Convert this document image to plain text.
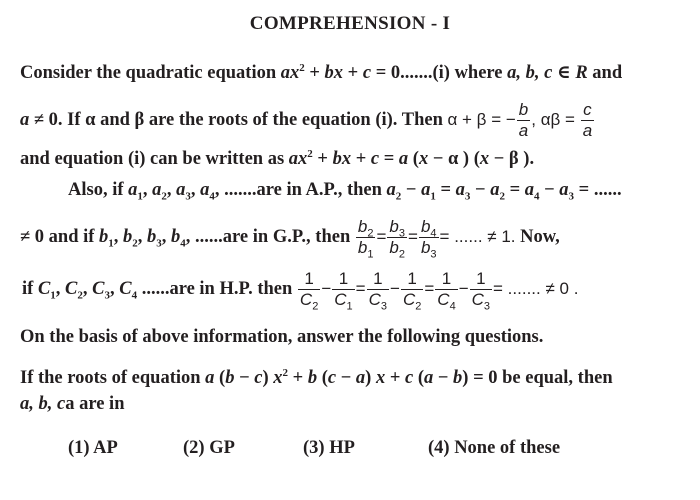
COMPREHENSION - I
Consider the quadratic equation $ax^2$ + bx + c = 0.......(i) where a, b, c ∈ R and
a ≠ 0. If α and β are the roots of the equation (i). Then α + β = − $\frac{b}{a}$ , $\alpha\beta = \frac{c}{a}$
and equation (i) can be written as $ax^2$ + bx + c = a (x − α ) (x − β ).
Also, if $a_1$, $a_2$, $a_3$, $a_4$, .......are in A.P., then $a_2 - a_1 = a_3 - a_2 = a_4 - a_3$ = ......
≠ 0 and if $b_1$, $b_2$, $b_3$, $b_4$, ......are in G.P., then $\frac{b_2}{b_1} = \frac{b_3}{b_2} = \frac{b_4}{b_3}$ = ...... ≠ 1. Now,
if $C_1$, $C_2$, $C_3$, $C_4$ ......are in H.P. then $\frac{1}{C_2} - \frac{1}{C_1} = \frac{1}{C_3} - \frac{1}{C_2} = \frac{1}{C_4} - \frac{1}{C_3}$ = ....... ≠ 0 .
On the basis of above information, answer the following questions.
If the roots of equation a (b − c) $x^2 + b$ (c − a) x + c (a − b) = 0 be equal, then
a, b, ca are in
(1) AP	(2) GP	(3) HP	(4) None of these
